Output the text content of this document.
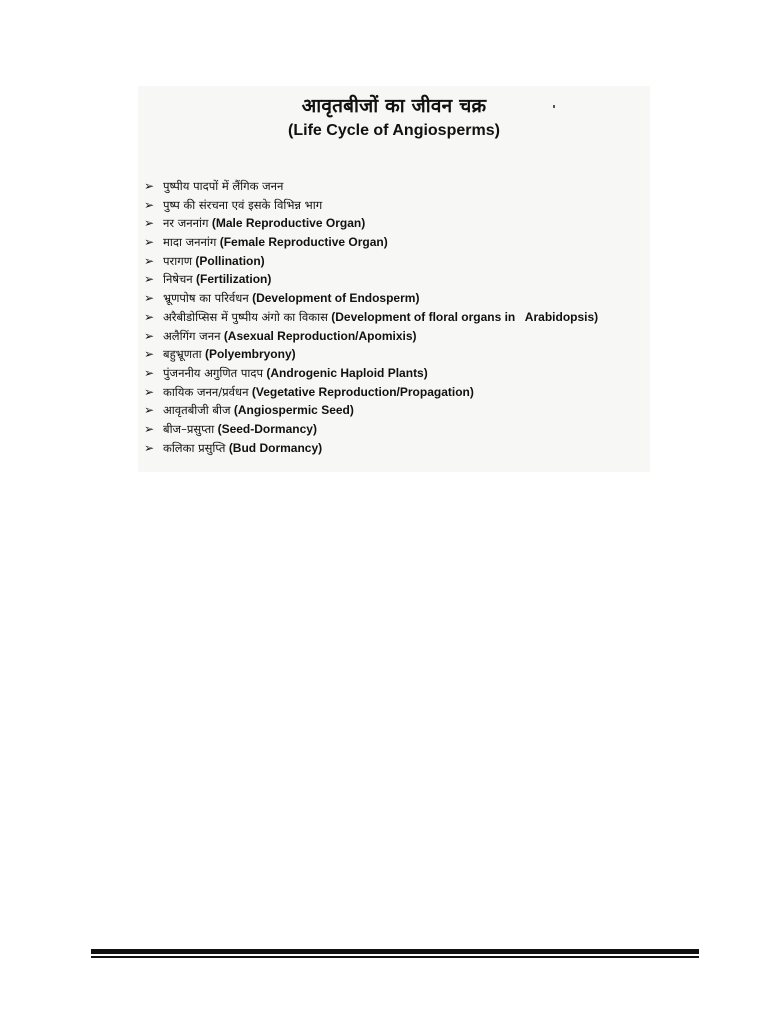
आवृतबीजों का जीवन चक्र
(Life Cycle of Angiosperms)
➢ पुष्पीय पादपों में लैंगिक जनन
➢ पुष्प की संरचना एवं इसके विभिन्न भाग
➢ नर जननांग (Male Reproductive Organ)
➢ मादा जननांग (Female Reproductive Organ)
➢ परागण (Pollination)
➢ निषेचन (Fertilization)
➢ भ्रूणपोष का परिर्वधन (Development of Endosperm)
➢ अरैबीडोप्सिस में पुष्पीय अंगो का विकास (Development of floral organs in   Arabidopsis)
➢ अलैगिंग जनन (Asexual Reproduction/Apomixis)
➢ बहुभ्रूणता (Polyembryony)
➢ पुंजननीय अगुणित पादप (Androgenic Haploid Plants)
➢ कायिक जनन/प्रर्वधन (Vegetative Reproduction/Propagation)
➢ आवृतबीजी बीज (Angiospermic Seed)
➢ बीज–प्रसुप्ता (Seed-Dormancy)
➢ कलिका प्रसुप्ति (Bud Dormancy)
